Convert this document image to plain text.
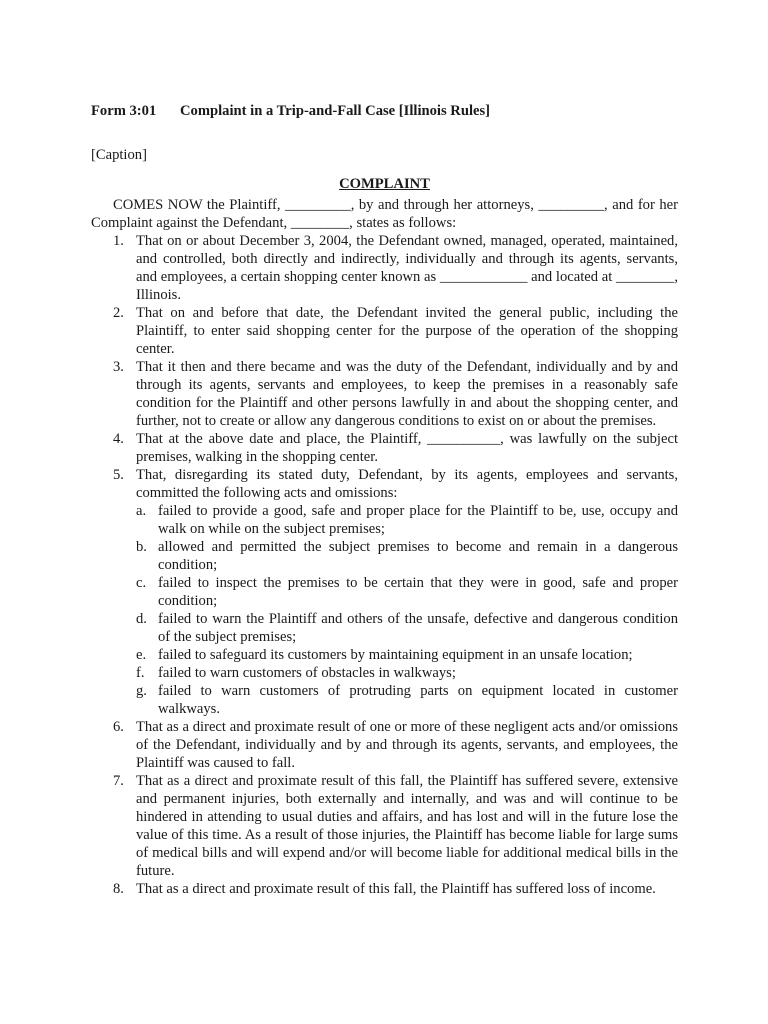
Form 3:01 Complaint in a Trip-and-Fall Case [Illinois Rules]
[Caption]
COMPLAINT
COMES NOW the Plaintiff, _________, by and through her attorneys, _________, and for her Complaint against the Defendant, ________, states as follows:
1. That on or about December 3, 2004, the Defendant owned, managed, operated, maintained, and controlled, both directly and indirectly, individually and through its agents, servants, and employees, a certain shopping center known as ____________ and located at ________, Illinois.
2. That on and before that date, the Defendant invited the general public, including the Plaintiff, to enter said shopping center for the purpose of the operation of the shopping center.
3. That it then and there became and was the duty of the Defendant, individually and by and through its agents, servants and employees, to keep the premises in a reasonably safe condition for the Plaintiff and other persons lawfully in and about the shopping center, and further, not to create or allow any dangerous conditions to exist on or about the premises.
4. That at the above date and place, the Plaintiff, __________, was lawfully on the subject premises, walking in the shopping center.
5. That, disregarding its stated duty, Defendant, by its agents, employees and servants, committed the following acts and omissions:
a. failed to provide a good, safe and proper place for the Plaintiff to be, use, occupy and walk on while on the subject premises;
b. allowed and permitted the subject premises to become and remain in a dangerous condition;
c. failed to inspect the premises to be certain that they were in good, safe and proper condition;
d. failed to warn the Plaintiff and others of the unsafe, defective and dangerous condition of the subject premises;
e. failed to safeguard its customers by maintaining equipment in an unsafe location;
f. failed to warn customers of obstacles in walkways;
g. failed to warn customers of protruding parts on equipment located in customer walkways.
6. That as a direct and proximate result of one or more of these negligent acts and/or omissions of the Defendant, individually and by and through its agents, servants, and employees, the Plaintiff was caused to fall.
7. That as a direct and proximate result of this fall, the Plaintiff has suffered severe, extensive and permanent injuries, both externally and internally, and was and will continue to be hindered in attending to usual duties and affairs, and has lost and will in the future lose the value of this time. As a result of those injuries, the Plaintiff has become liable for large sums of medical bills and will expend and/or will become liable for additional medical bills in the future.
8. That as a direct and proximate result of this fall, the Plaintiff has suffered loss of income.
